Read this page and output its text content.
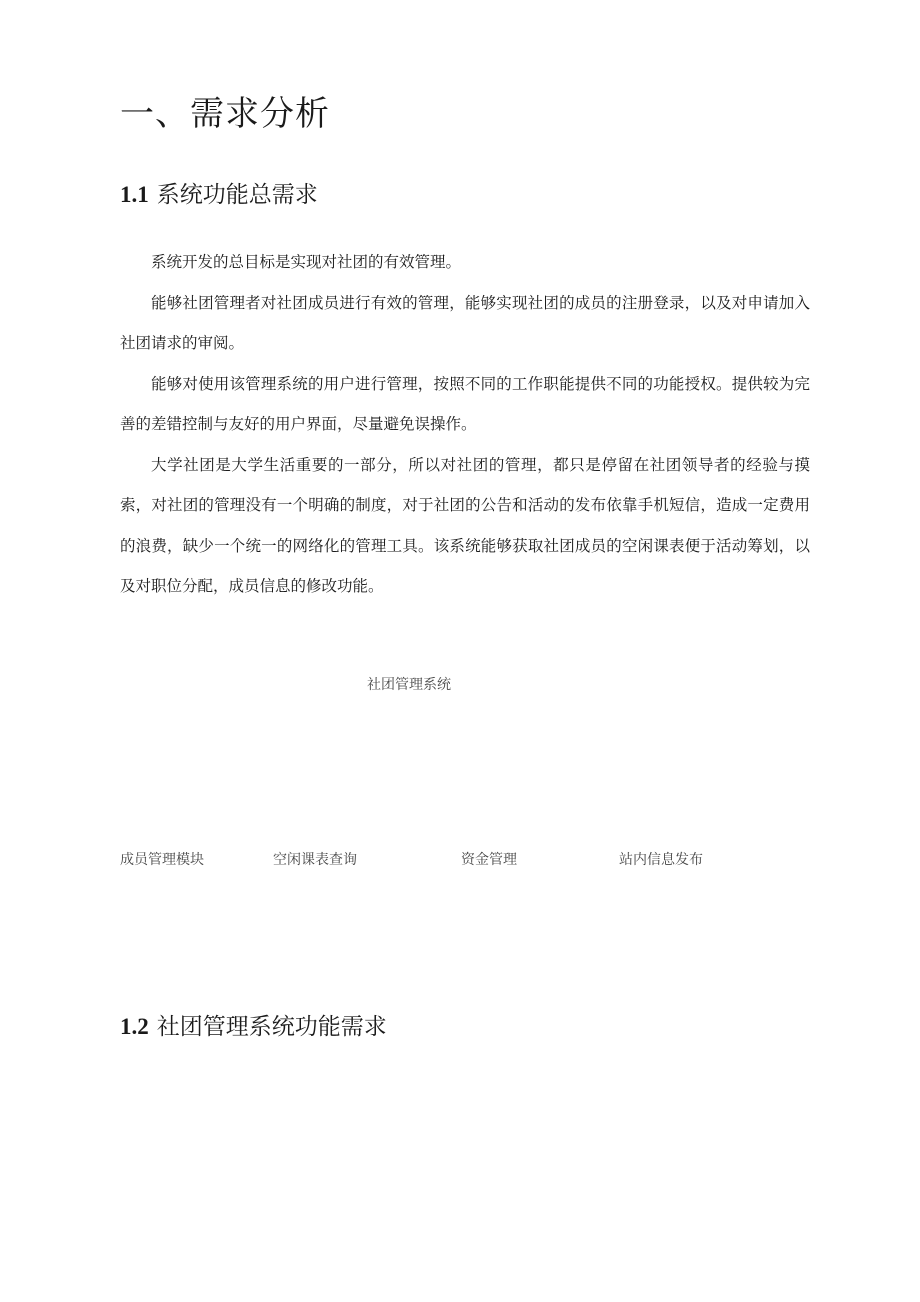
一、需求分析
1.1 系统功能总需求

系统开发的总目标是实现对社团的有效管理。

能够社团管理者对社团成员进行有效的管理，能够实现社团的成员的注册登录，以及对申请加入社团请求的审阅。

能够对使用该管理系统的用户进行管理，按照不同的工作职能提供不同的功能授权。提供较为完善的差错控制与友好的用户界面，尽量避免误操作。

大学社团是大学生活重要的一部分，所以对社团的管理，都只是停留在社团领导者的经验与摸索，对社团的管理没有一个明确的制度，对于社团的公告和活动的发布依靠手机短信，造成一定费用的浪费，缺少一个统一的网络化的管理工具。该系统能够获取社团成员的空闲课表便于活动筹划，以及对职位分配，成员信息的修改功能。

社团管理系统
成员管理模块	空闲课表查询	资金管理	站内信息发布
1.2 社团管理系统功能需求
